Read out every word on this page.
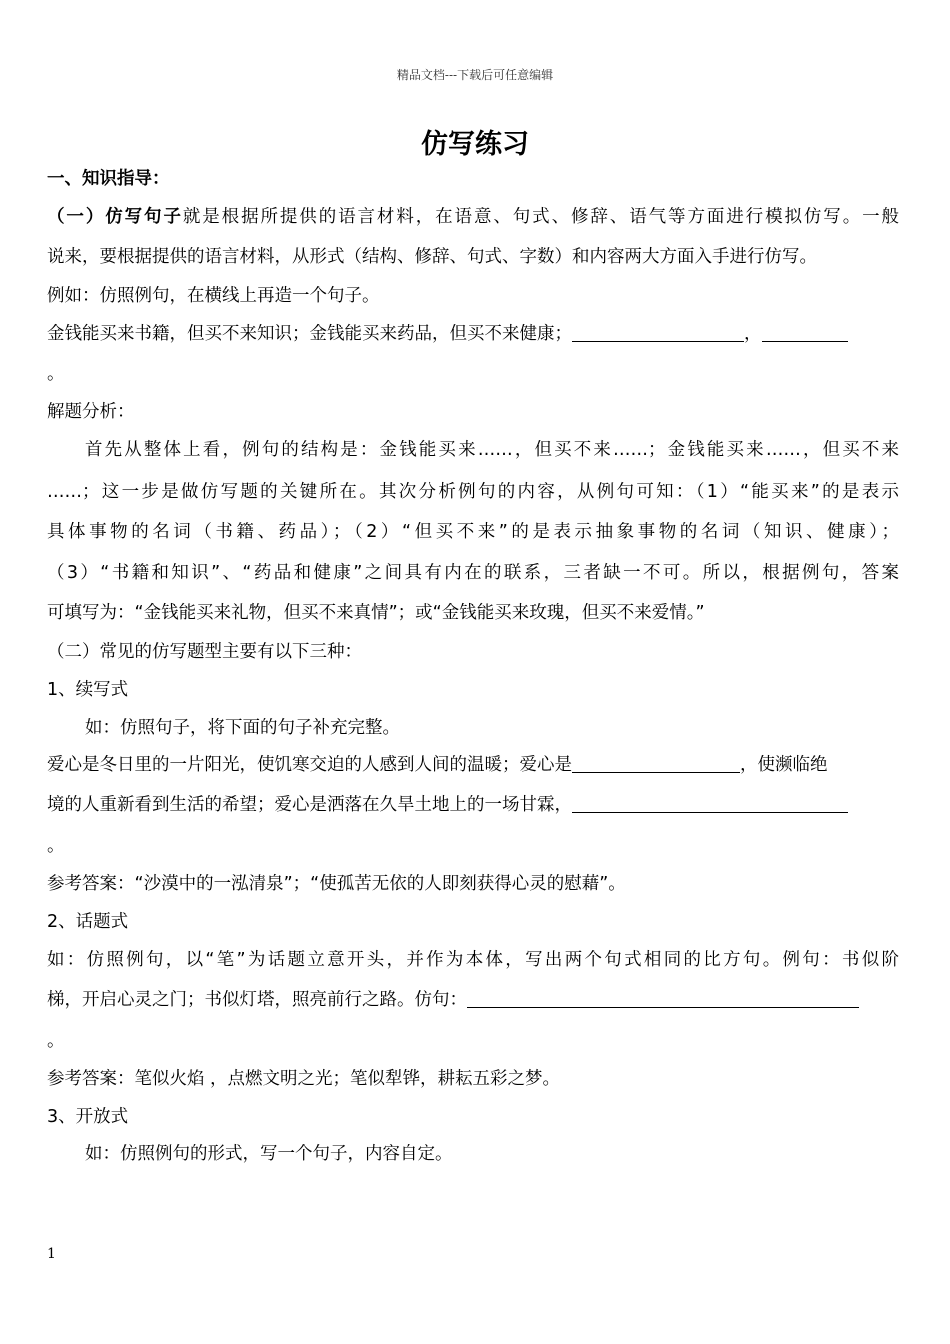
精品文档---下载后可任意编辑
仿写练习
一、知识指导：
（一）仿写句子就是根据所提供的语言材料，在语意、句式、修辞、语气等方面进行模拟仿写。一般
说来，要根据提供的语言材料，从形式（结构、修辞、句式、字数）和内容两大方面入手进行仿写。
例如：仿照例句，在横线上再造一个句子。
金钱能买来书籍，但买不来知识；金钱能买来药品，但买不来健康；	，
。
解题分析：
首先从整体上看，例句的结构是：金钱能买来……，但买不来……；金钱能买来……，但买不来
……；这一步是做仿写题的关键所在。其次分析例句的内容，从例句可知：（1）“能买来”的是表示
具体事物的名词（书籍、药品）；（2）“但买不来”的是表示抽象事物的名词（知识、健康）；
（3）“书籍和知识”、“药品和健康”之间具有内在的联系，三者缺一不可。所以，根据例句，答案
可填写为：“金钱能买来礼物，但买不来真情”；或“金钱能买来玫瑰，但买不来爱情。”
（二）常见的仿写题型主要有以下三种：
1、续写式
如：仿照句子，将下面的句子补充完整。
爱心是冬日里的一片阳光，使饥寒交迫的人感到人间的温暖；爱心是	，使濒临绝
境的人重新看到生活的希望；爱心是洒落在久旱土地上的一场甘霖，
。
参考答案：“沙漠中的一泓清泉”；“使孤苦无依的人即刻获得心灵的慰藉”。
2、话题式
如：仿照例句，以“笔”为话题立意开头，并作为本体，写出两个句式相同的比方句。例句：书似阶
梯，开启心灵之门；书似灯塔，照亮前行之路。仿句：
。
参考答案：笔似火焰 ，点燃文明之光；笔似犁铧，耕耘五彩之梦。
3、开放式
如：仿照例句的形式，写一个句子，内容自定。
1
